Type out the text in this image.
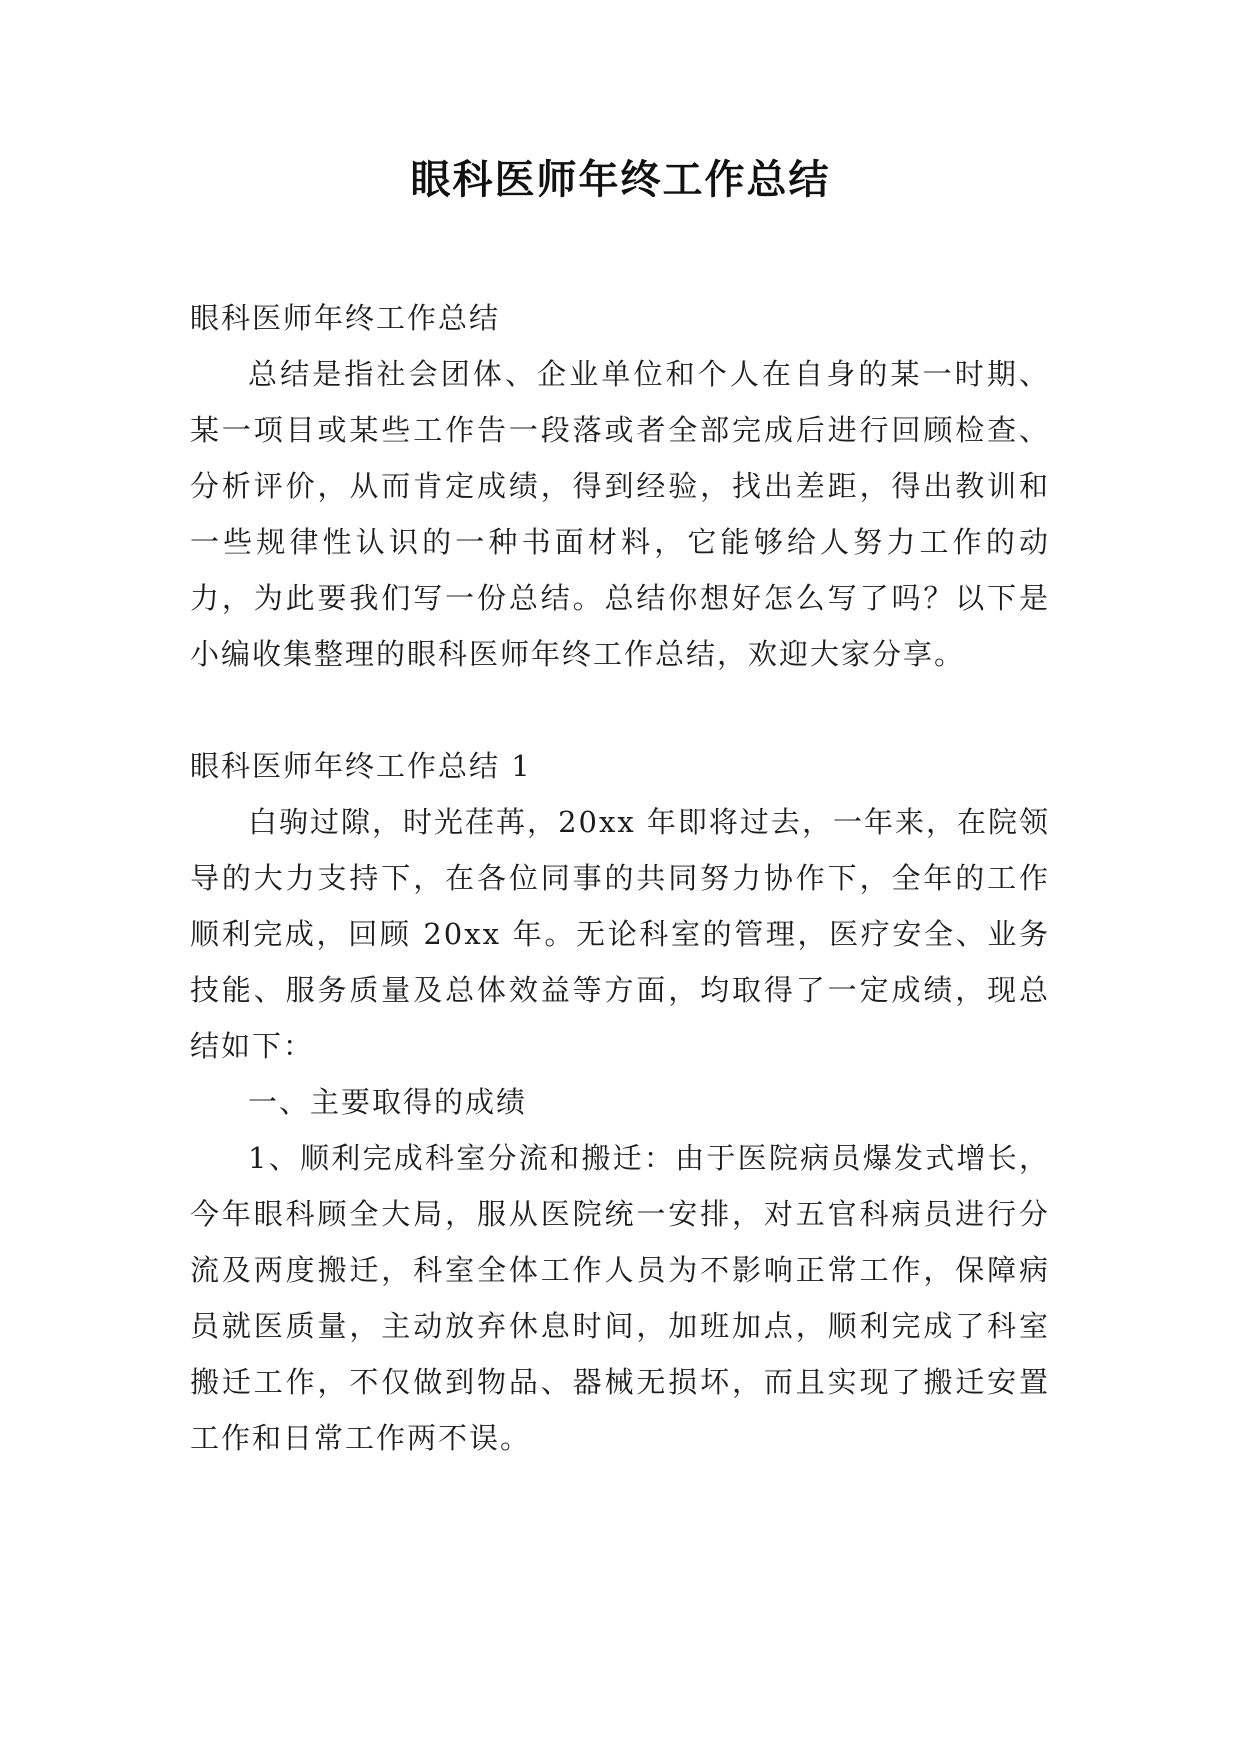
眼科医师年终工作总结

眼科医师年终工作总结

总结是指社会团体、企业单位和个人在自身的某一时期、某一项目或某些工作告一段落或者全部完成后进行回顾检查、分析评价，从而肯定成绩，得到经验，找出差距，得出教训和一些规律性认识的一种书面材料，它能够给人努力工作的动力，为此要我们写一份总结。总结你想好怎么写了吗？以下是小编收集整理的眼科医师年终工作总结，欢迎大家分享。

眼科医师年终工作总结 1

白驹过隙，时光荏苒，20xx 年即将过去，一年来，在院领导的大力支持下，在各位同事的共同努力协作下，全年的工作顺利完成，回顾 20xx 年。无论科室的管理，医疗安全、业务技能、服务质量及总体效益等方面，均取得了一定成绩，现总结如下：

一、主要取得的成绩

1、顺利完成科室分流和搬迁：由于医院病员爆发式增长，今年眼科顾全大局，服从医院统一安排，对五官科病员进行分流及两度搬迁，科室全体工作人员为不影响正常工作，保障病员就医质量，主动放弃休息时间，加班加点，顺利完成了科室搬迁工作，不仅做到物品、器械无损坏，而且实现了搬迁安置工作和日常工作两不误。
